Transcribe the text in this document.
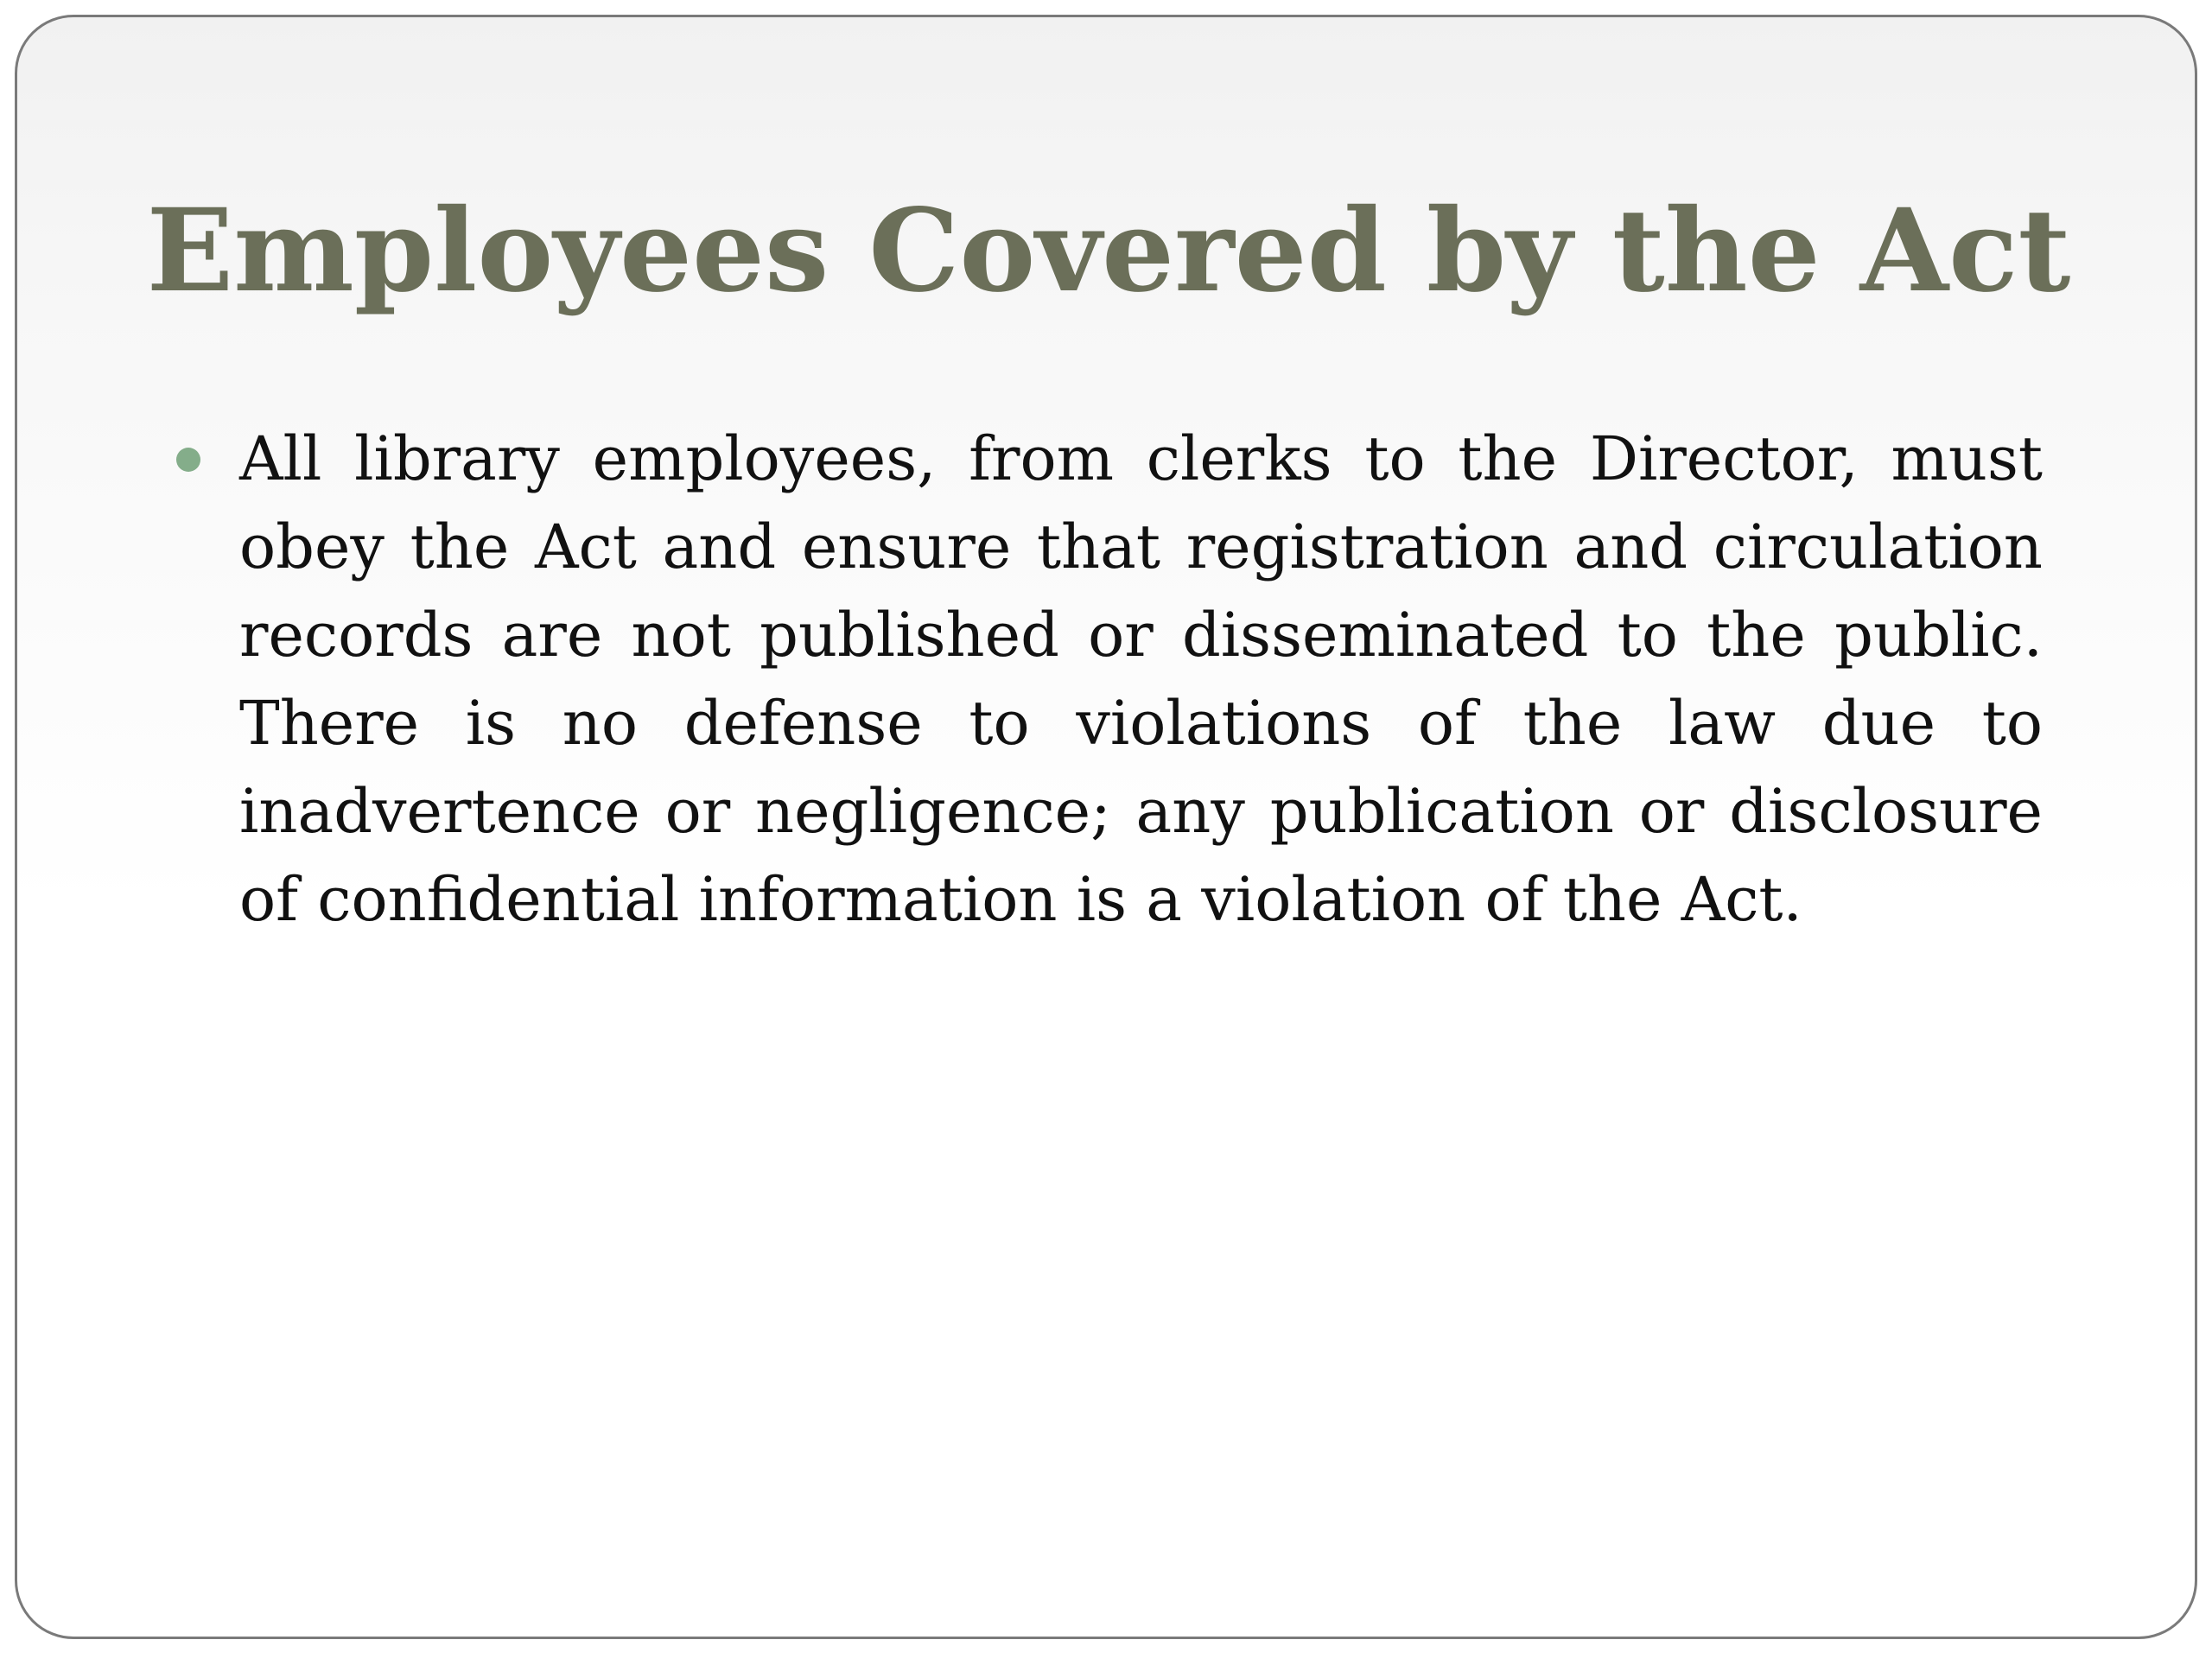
Employees Covered by the Act
All library employees, from clerks to the Director, must obey the Act and ensure that registration and circulation records are not published or disseminated to the public. There is no defense to violations of the law due to inadvertence or negligence; any publication or disclosure of confidential information is a violation of the Act.
